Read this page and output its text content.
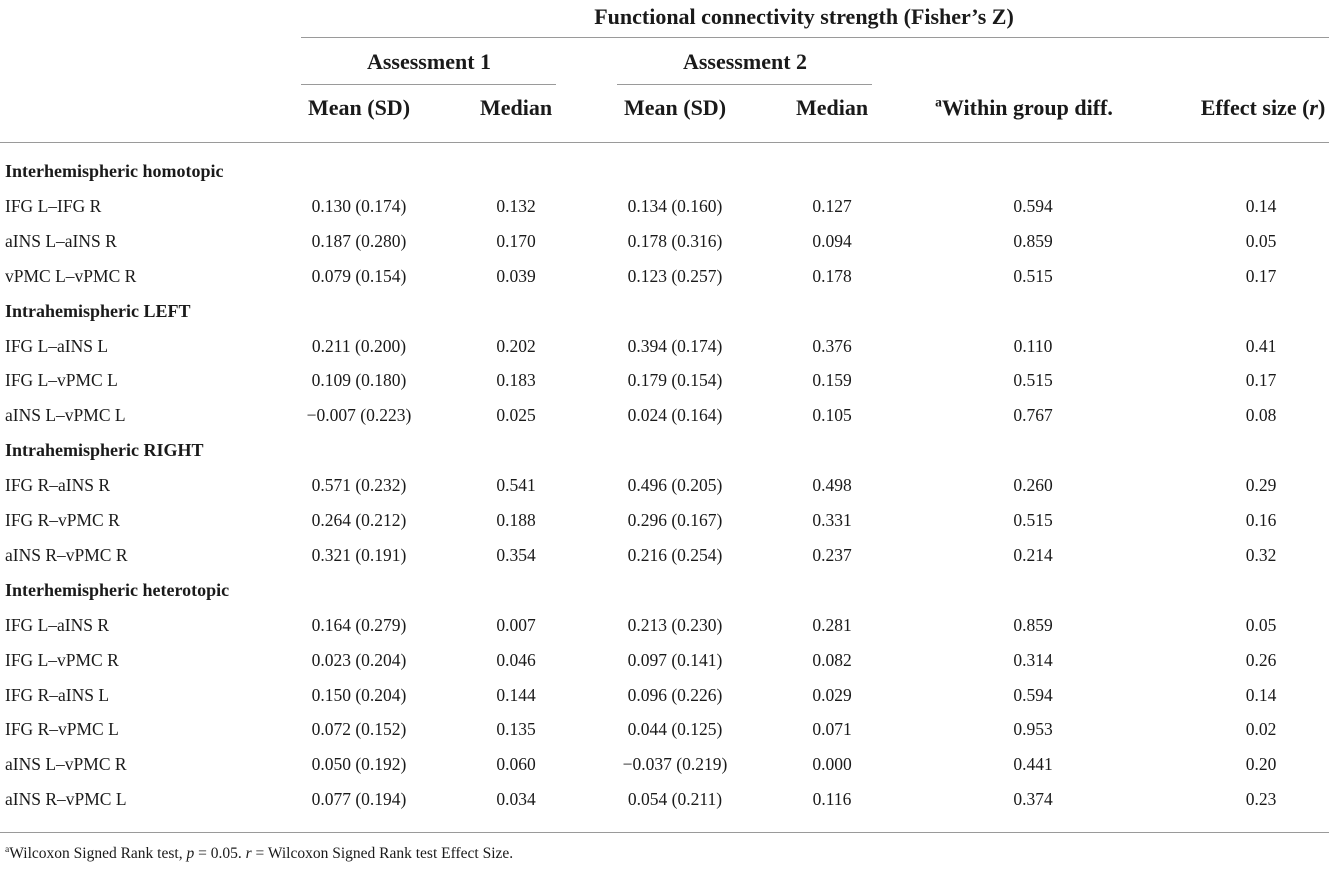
Functional connectivity strength (Fisher’s Z)
Assessment 1	Assessment 2
Mean (SD)	Median	Mean (SD)	Median	$^a$Within group diff.	Effect size (r)
Interhemispheric homotopic
IFG L–IFG R	0.130 (0.174)	0.132	0.134 (0.160)	0.127	0.594	0.14
aINS L–aINS R	0.187 (0.280)	0.170	0.178 (0.316)	0.094	0.859	0.05
vPMC L–vPMC R	0.079 (0.154)	0.039	0.123 (0.257)	0.178	0.515	0.17
Intrahemispheric LEFT
IFG L–aINS L	0.211 (0.200)	0.202	0.394 (0.174)	0.376	0.110	0.41
IFG L–vPMC L	0.109 (0.180)	0.183	0.179 (0.154)	0.159	0.515	0.17
aINS L–vPMC L	−0.007 (0.223)	0.025	0.024 (0.164)	0.105	0.767	0.08
Intrahemispheric RIGHT
IFG R–aINS R	0.571 (0.232)	0.541	0.496 (0.205)	0.498	0.260	0.29
IFG R–vPMC R	0.264 (0.212)	0.188	0.296 (0.167)	0.331	0.515	0.16
aINS R–vPMC R	0.321 (0.191)	0.354	0.216 (0.254)	0.237	0.214	0.32
Interhemispheric heterotopic
IFG L–aINS R	0.164 (0.279)	0.007	0.213 (0.230)	0.281	0.859	0.05
IFG L–vPMC R	0.023 (0.204)	0.046	0.097 (0.141)	0.082	0.314	0.26
IFG R–aINS L	0.150 (0.204)	0.144	0.096 (0.226)	0.029	0.594	0.14
IFG R–vPMC L	0.072 (0.152)	0.135	0.044 (0.125)	0.071	0.953	0.02
aINS L–vPMC R	0.050 (0.192)	0.060	−0.037 (0.219)	0.000	0.441	0.20
aINS R–vPMC L	0.077 (0.194)	0.034	0.054 (0.211)	0.116	0.374	0.23
$^a$Wilcoxon Signed Rank test, p = 0.05. r = Wilcoxon Signed Rank test Effect Size.
